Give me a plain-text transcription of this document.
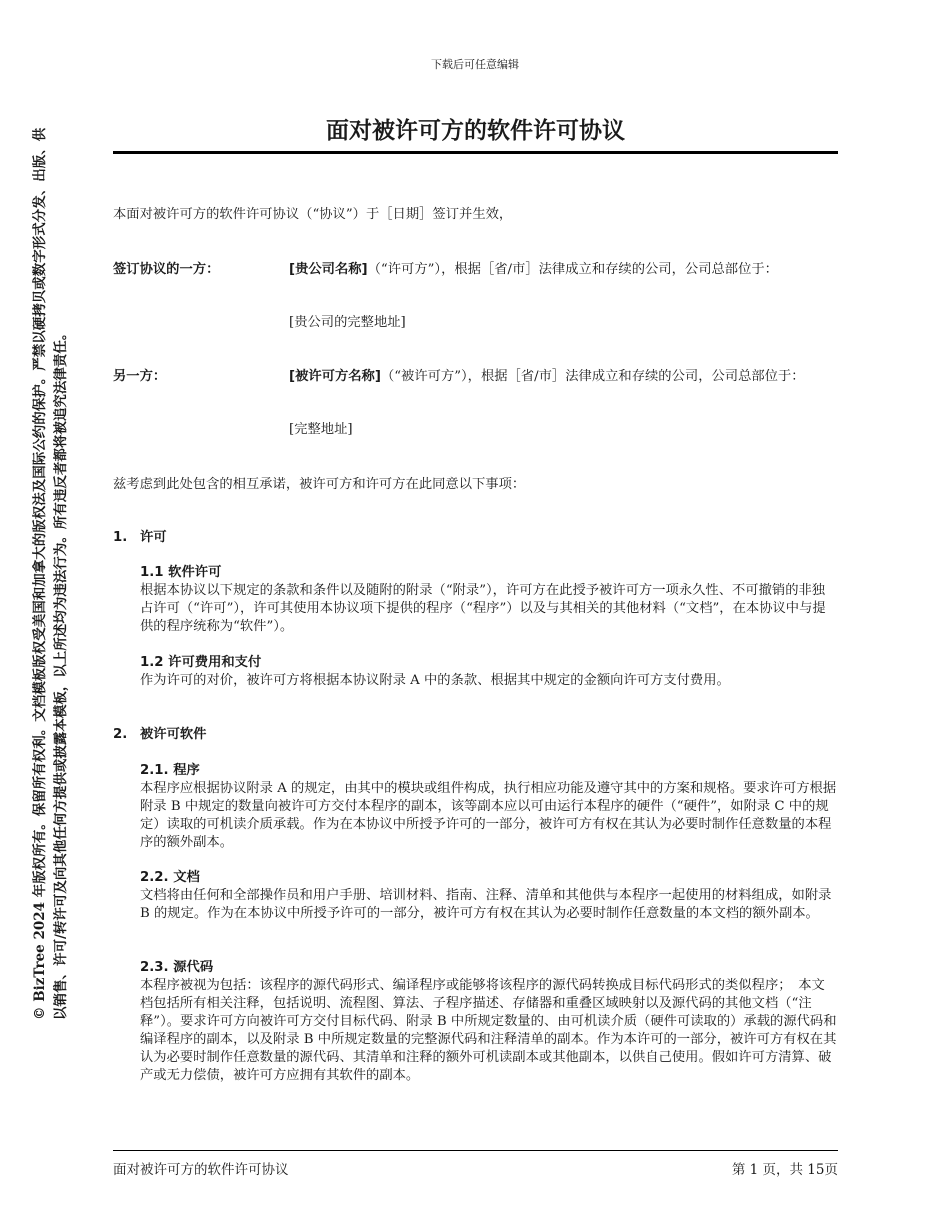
© BizTree 2024 年版权所有。保留所有权利。文档模板版权受美国和加拿大的版权法及国际公约的保护。严禁以硬拷贝或数字形式分发、出版、供 以销售、许可/转许可及向其他任何方提供或披露本模板，以上所述均为违法行为。所有违反者都将被追究法律责任。
下载后可任意编辑
面对被许可方的软件许可协议
本面对被许可方的软件许可协议（“协议”）于［日期］签订并生效，
签订协议的一方：	[贵公司名称]（“许可方”），根据［省/市］法律成立和存续的公司，公司总部位于：
[贵公司的完整地址]
另一方：	[被许可方名称]（“被许可方”），根据［省/市］法律成立和存续的公司，公司总部位于：
[完整地址]
兹考虑到此处包含的相互承诺，被许可方和许可方在此同意以下事项：
1. 许可
1.1 软件许可
根据本协议以下规定的条款和条件以及随附的附录（“附录”），许可方在此授予被许可方一项永久性、不可撤销的非独占许可（“许可”），许可其使用本协议项下提供的程序（“程序”）以及与其相关的其他材料（“文档”，在本协议中与提供的程序统称为“软件”）。
1.2 许可费用和支付
作为许可的对价，被许可方将根据本协议附录 A 中的条款、根据其中规定的金额向许可方支付费用。
2. 被许可软件
2.1. 程序
本程序应根据协议附录 A 的规定，由其中的模块或组件构成，执行相应功能及遵守其中的方案和规格。要求许可方根据附录 B 中规定的数量向被许可方交付本程序的副本，该等副本应以可由运行本程序的硬件（“硬件”，如附录 C 中的规定）读取的可机读介质承载。作为在本协议中所授予许可的一部分，被许可方有权在其认为必要时制作任意数量的本程序的额外副本。
2.2. 文档
文档将由任何和全部操作员和用户手册、培训材料、指南、注释、清单和其他供与本程序一起使用的材料组成，如附录 B 的规定。作为在本协议中所授予许可的一部分，被许可方有权在其认为必要时制作任意数量的本文档的额外副本。
2.3. 源代码
本程序被视为包括：该程序的源代码形式、编译程序或能够将该程序的源代码转换成目标代码形式的类似程序；　本文档包括所有相关注释，包括说明、流程图、算法、子程序描述、存储器和重叠区域映射以及源代码的其他文档（“注释”）。要求许可方向被许可方交付目标代码、附录 B 中所规定数量的、由可机读介质（硬件可读取的）承载的源代码和编译程序的副本，以及附录 B 中所规定数量的完整源代码和注释清单的副本。作为本许可的一部分，被许可方有权在其认为必要时制作任意数量的源代码、其清单和注释的额外可机读副本或其他副本，以供自己使用。假如许可方清算、破产或无力偿债，被许可方应拥有其软件的副本。
面对被许可方的软件许可协议	第 1 页，共 15页
